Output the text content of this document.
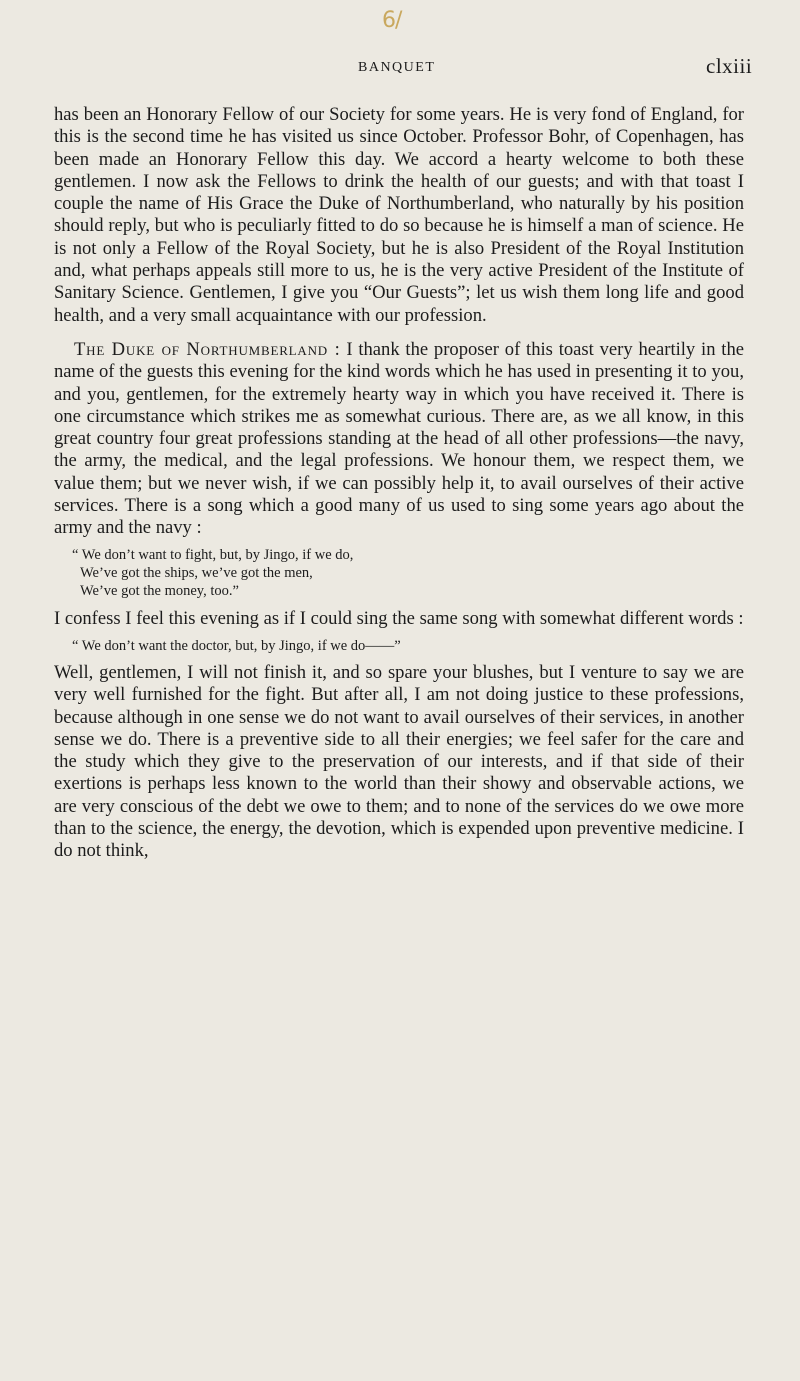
6/
BANQUET	clxiii

has been an Honorary Fellow of our Society for some years. He is very fond of England, for this is the second time he has visited us since October. Professor Bohr, of Copenhagen, has been made an Honorary Fellow this day. We accord a hearty welcome to both these gentlemen. I now ask the Fellows to drink the health of our guests; and with that toast I couple the name of His Grace the Duke of Northumberland, who naturally by his position should reply, but who is peculiarly fitted to do so because he is himself a man of science. He is not only a Fellow of the Royal Society, but he is also President of the Royal Institution and, what perhaps appeals still more to us, he is the very active President of the Institute of Sanitary Science. Gentlemen, I give you “Our Guests”; let us wish them long life and good health, and a very small acquaintance with our profession.

The Duke of Northumberland : I thank the proposer of this toast very heartily in the name of the guests this evening for the kind words which he has used in presenting it to you, and you, gentlemen, for the extremely hearty way in which you have received it. There is one circumstance which strikes me as somewhat curious. There are, as we all know, in this great country four great professions standing at the head of all other professions—the navy, the army, the medical, and the legal professions. We honour them, we respect them, we value them; but we never wish, if we can possibly help it, to avail ourselves of their active services. There is a song which a good many of us used to sing some years ago about the army and the navy :

“ We don’t want to fight, but, by Jingo, if we do,
We’ve got the ships, we’ve got the men,
We’ve got the money, too.”

I confess I feel this evening as if I could sing the same song with somewhat different words :

“ We don’t want the doctor, but, by Jingo, if we do——”

Well, gentlemen, I will not finish it, and so spare your blushes, but I venture to say we are very well furnished for the fight. But after all, I am not doing justice to these professions, because although in one sense we do not want to avail ourselves of their services, in another sense we do. There is a preventive side to all their energies; we feel safer for the care and the study which they give to the preservation of our interests, and if that side of their exertions is perhaps less known to the world than their showy and observable actions, we are very conscious of the debt we owe to them; and to none of the services do we owe more than to the science, the energy, the devotion, which is expended upon preventive medicine. I do not think,
